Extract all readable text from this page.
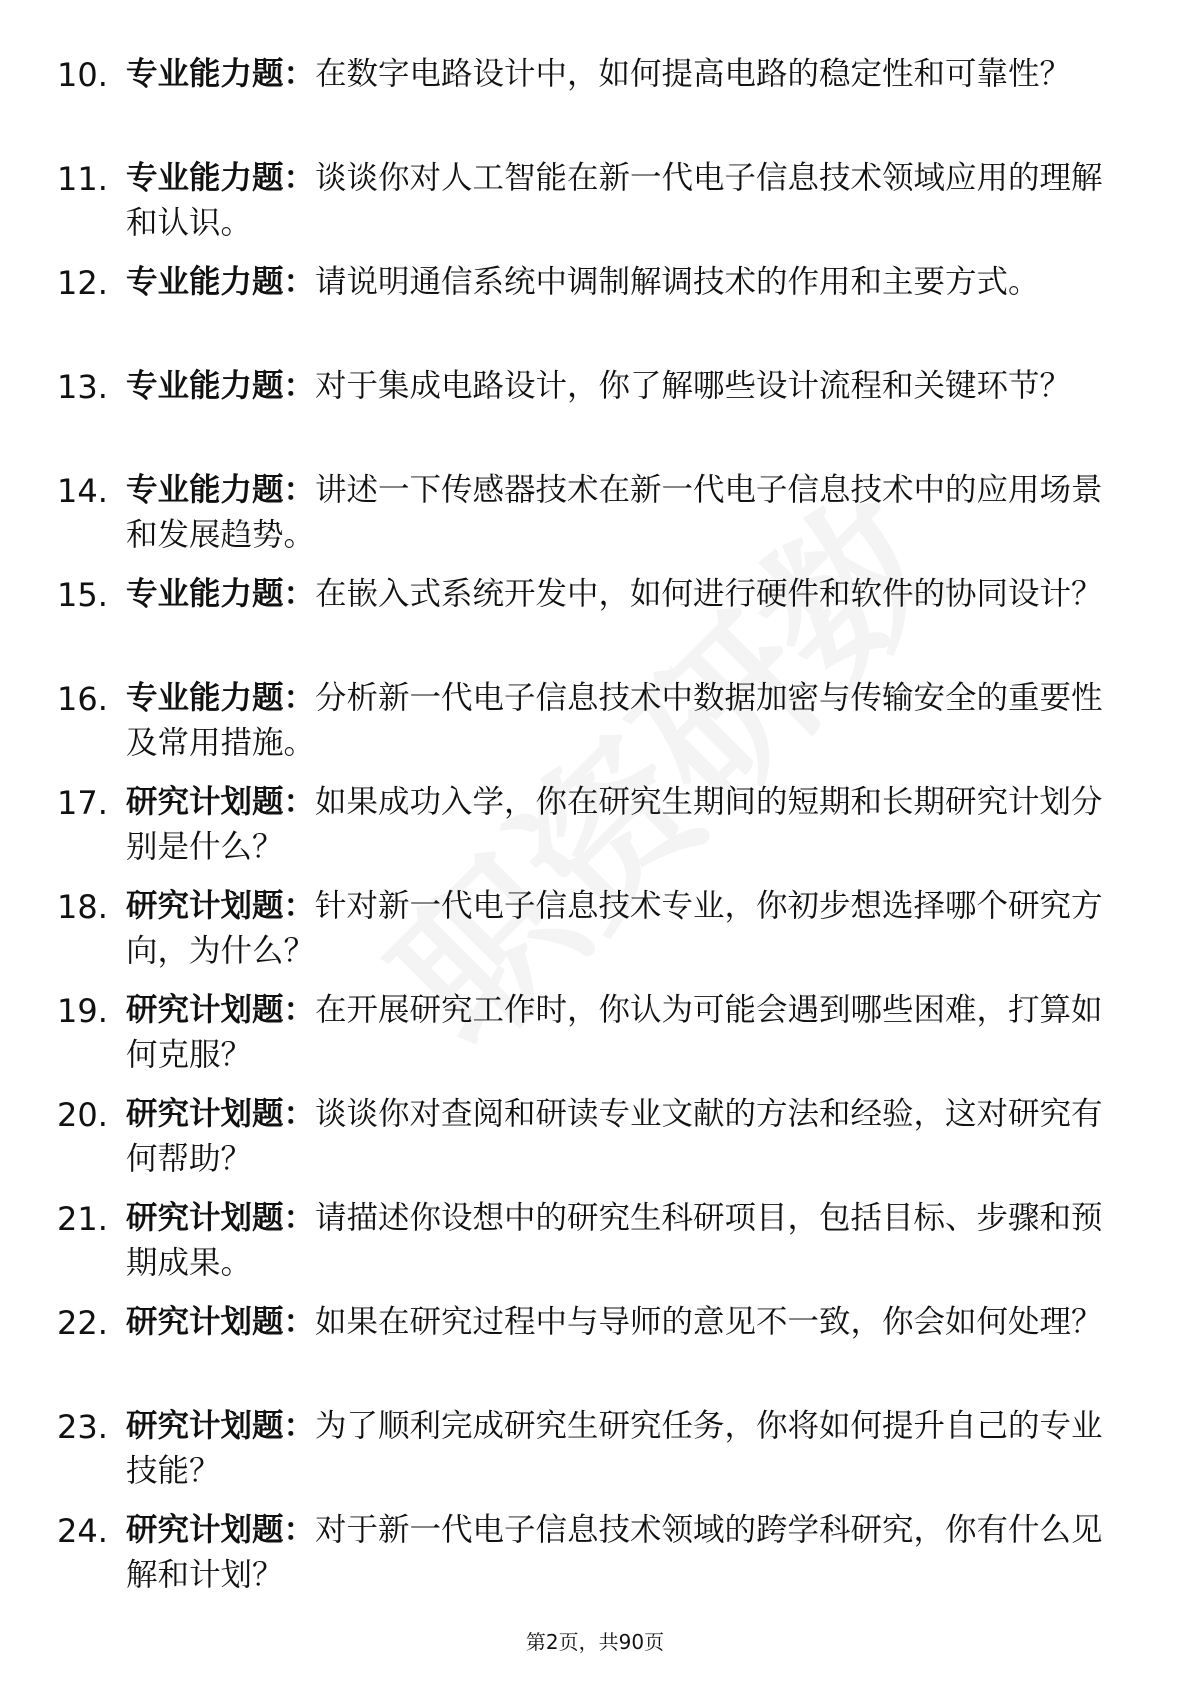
10. 专业能力题：在数字电路设计中，如何提高电路的稳定性和可靠性？
11. 专业能力题：谈谈你对人工智能在新一代电子信息技术领域应用的理解和认识。
12. 专业能力题：请说明通信系统中调制解调技术的作用和主要方式。
13. 专业能力题：对于集成电路设计，你了解哪些设计流程和关键环节？
14. 专业能力题：讲述一下传感器技术在新一代电子信息技术中的应用场景和发展趋势。
15. 专业能力题：在嵌入式系统开发中，如何进行硬件和软件的协同设计？
16. 专业能力题：分析新一代电子信息技术中数据加密与传输安全的重要性及常用措施。
17. 研究计划题：如果成功入学，你在研究生期间的短期和长期研究计划分别是什么？
18. 研究计划题：针对新一代电子信息技术专业，你初步想选择哪个研究方向，为什么？
19. 研究计划题：在开展研究工作时，你认为可能会遇到哪些困难，打算如何克服？
20. 研究计划题：谈谈你对查阅和研读专业文献的方法和经验，这对研究有何帮助？
21. 研究计划题：请描述你设想中的研究生科研项目，包括目标、步骤和预期成果。
22. 研究计划题：如果在研究过程中与导师的意见不一致，你会如何处理？
23. 研究计划题：为了顺利完成研究生研究任务，你将如何提升自己的专业技能？
24. 研究计划题：对于新一代电子信息技术领域的跨学科研究，你有什么见解和计划？
第2页，共90页
